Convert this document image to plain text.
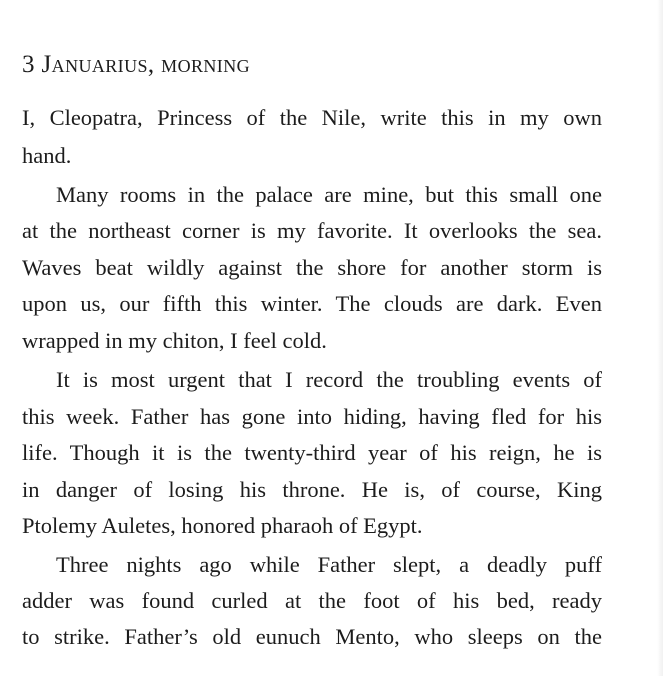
3 Januarius, morning
I, Cleopatra, Princess of the Nile, write this in my own
hand.
Many rooms in the palace are mine, but this small one
at the northeast corner is my favorite. It overlooks the sea.
Waves beat wildly against the shore for another storm is
upon us, our fifth this winter. The clouds are dark. Even
wrapped in my chiton, I feel cold.
It is most urgent that I record the troubling events of
this week. Father has gone into hiding, having fled for his
life. Though it is the twenty-third year of his reign, he is
in danger of losing his throne. He is, of course, King
Ptolemy Auletes, honored pharaoh of Egypt.
Three nights ago while Father slept, a deadly puff
adder was found curled at the foot of his bed, ready
to strike. Father’s old eunuch Mento, who sleeps on the
